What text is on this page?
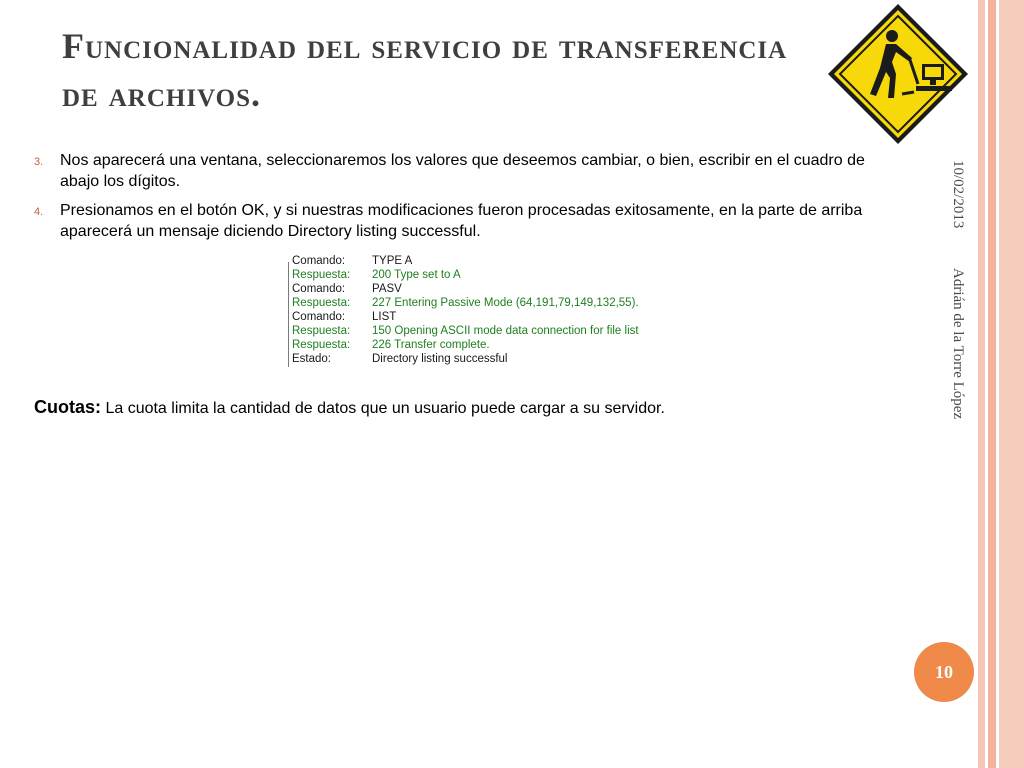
Funcionalidad del servicio de transferencia de archivos.
3. Nos aparecerá una ventana, seleccionaremos los valores que deseemos cambiar, o bien, escribir en el cuadro de abajo los dígitos.
4. Presionamos en el botón OK, y si nuestras modificaciones fueron procesadas exitosamente, en la parte de arriba aparecerá un mensaje diciendo Directory listing successful.
Comando:	TYPE A
Respuesta:	200 Type set to A
Comando:	PASV
Respuesta:	227 Entering Passive Mode (64,191,79,149,132,55).
Comando:	LIST
Respuesta:	150 Opening ASCII mode data connection for file list
Respuesta:	226 Transfer complete.
Estado:	Directory listing successful
Cuotas: La cuota limita la cantidad de datos que un usuario puede cargar a su servidor.
10/02/2013
Adrián de la Torre López
10
